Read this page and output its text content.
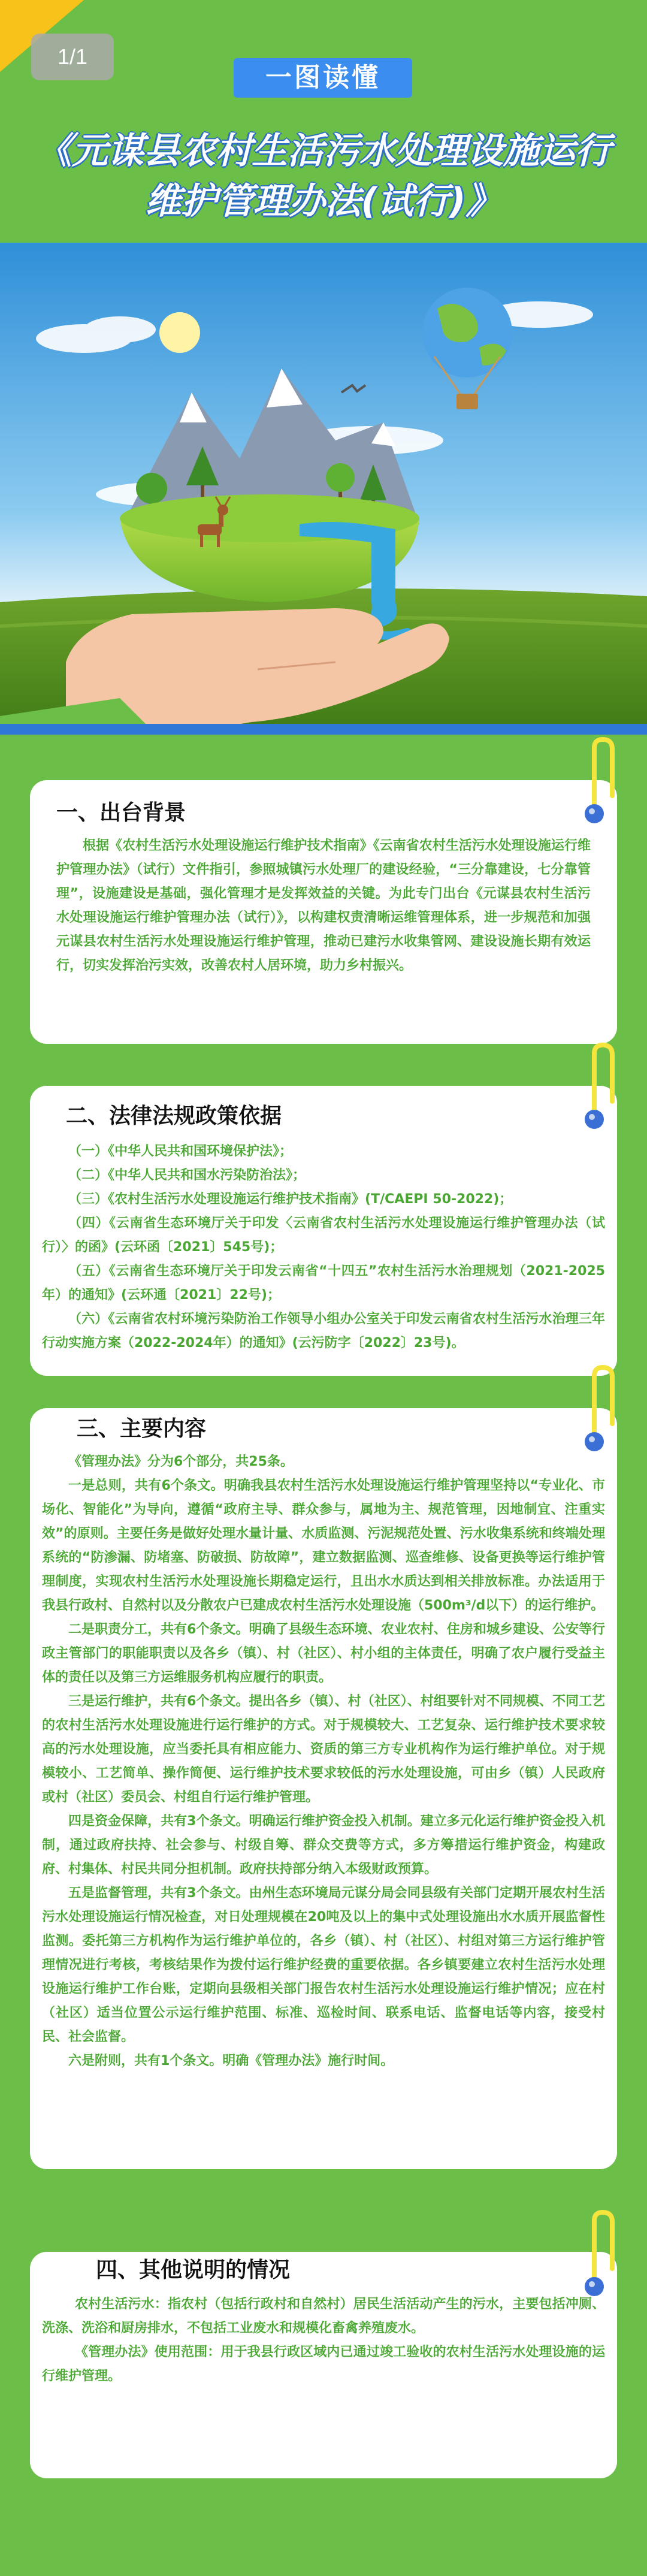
1/1
一图读懂
《元谋县农村生活污水处理设施运行
维护管理办法(试行)》
一、出台背景

根据《农村生活污水处理设施运行维护技术指南》《云南省农村生活污水处理设施运行维护管理办法》（试行）文件指引，参照城镇污水处理厂的建设经验，“三分靠建设，七分靠管理”，设施建设是基础，强化管理才是发挥效益的关键。为此专门出台《元谋县农村生活污水处理设施运行维护管理办法（试行）》，以构建权责清晰运维管理体系，进一步规范和加强元谋县农村生活污水处理设施运行维护管理，推动已建污水收集管网、建设设施长期有效运行，切实发挥治污实效，改善农村人居环境，助力乡村振兴。

二、法律法规政策依据

（一）《中华人民共和国环境保护法》；

（二）《中华人民共和国水污染防治法》；

（三）《农村生活污水处理设施运行维护技术指南》(T/CAEPI 50-2022)；

（四）《云南省生态环境厅关于印发〈云南省农村生活污水处理设施运行维护管理办法（试行）〉的函》(云环函〔2021〕545号)；

（五）《云南省生态环境厅关于印发云南省“十四五”农村生活污水治理规划（2021-2025年）的通知》(云环通〔2021〕22号)；

（六）《云南省农村环境污染防治工作领导小组办公室关于印发云南省农村生活污水治理三年行动实施方案（2022-2024年）的通知》(云污防字〔2022〕23号)。

三、主要内容

《管理办法》分为6个部分，共25条。

一是总则，共有6个条文。明确我县农村生活污水处理设施运行维护管理坚持以“专业化、市场化、智能化”为导向，遵循“政府主导、群众参与，属地为主、规范管理，因地制宜、注重实效”的原则。主要任务是做好处理水量计量、水质监测、污泥规范处置、污水收集系统和终端处理系统的“防渗漏、防堵塞、防破损、防故障”，建立数据监测、巡查维修、设备更换等运行维护管理制度，实现农村生活污水处理设施长期稳定运行，且出水水质达到相关排放标准。办法适用于我县行政村、自然村以及分散农户已建成农村生活污水处理设施（500m³/d以下）的运行维护。

二是职责分工，共有6个条文。明确了县级生态环境、农业农村、住房和城乡建设、公安等行政主管部门的职能职责以及各乡（镇）、村（社区）、村小组的主体责任，明确了农户履行受益主体的责任以及第三方运维服务机构应履行的职责。

三是运行维护，共有6个条文。提出各乡（镇）、村（社区）、村组要针对不同规模、不同工艺的农村生活污水处理设施进行运行维护的方式。对于规模较大、工艺复杂、运行维护技术要求较高的污水处理设施，应当委托具有相应能力、资质的第三方专业机构作为运行维护单位。对于规模较小、工艺简单、操作简便、运行维护技术要求较低的污水处理设施，可由乡（镇）人民政府或村（社区）委员会、村组自行运行维护管理。

四是资金保障，共有3个条文。明确运行维护资金投入机制。建立多元化运行维护资金投入机制，通过政府扶持、社会参与、村级自筹、群众交费等方式，多方筹措运行维护资金，构建政府、村集体、村民共同分担机制。政府扶持部分纳入本级财政预算。

五是监督管理，共有3个条文。由州生态环境局元谋分局会同县级有关部门定期开展农村生活污水处理设施运行情况检查，对日处理规模在20吨及以上的集中式处理设施出水水质开展监督性监测。委托第三方机构作为运行维护单位的，各乡（镇）、村（社区）、村组对第三方运行维护管理情况进行考核，考核结果作为拨付运行维护经费的重要依据。各乡镇要建立农村生活污水处理设施运行维护工作台账，定期向县级相关部门报告农村生活污水处理设施运行维护情况；应在村（社区）适当位置公示运行维护范围、标准、巡检时间、联系电话、监督电话等内容，接受村民、社会监督。

六是附则，共有1个条文。明确《管理办法》施行时间。

四、其他说明的情况

农村生活污水：指农村（包括行政村和自然村）居民生活活动产生的污水，主要包括冲厕、洗涤、洗浴和厨房排水，不包括工业废水和规模化畜禽养殖废水。

《管理办法》使用范围：用于我县行政区域内已通过竣工验收的农村生活污水处理设施的运行维护管理。
